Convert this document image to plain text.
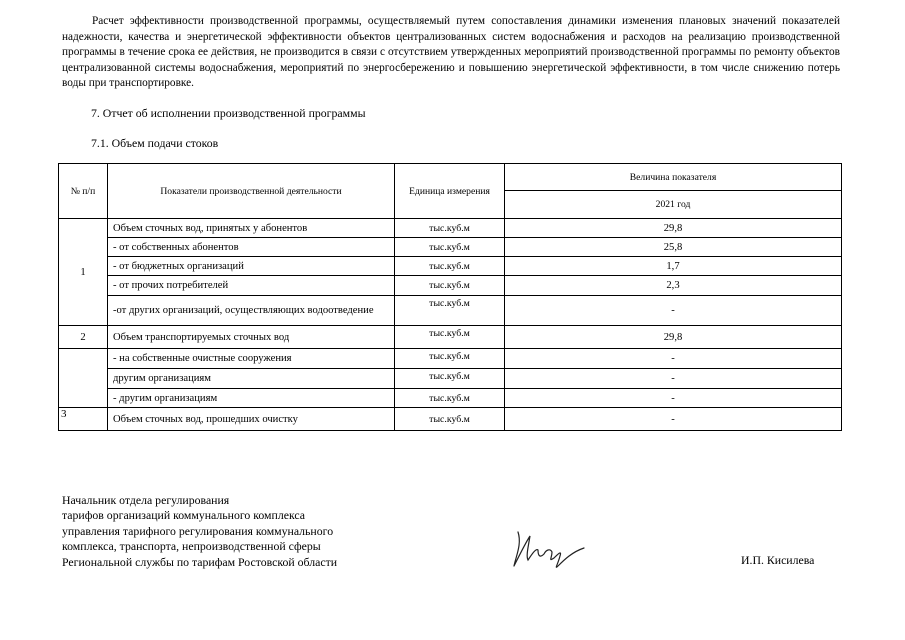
Расчет эффективности производственной программы, осуществляемый путем сопоставления динамики изменения плановых значений показателей надежности, качества и энергетической эффективности объектов централизованных систем водоснабжения и расходов на реализацию производственной программы в течение срока ее действия, не производится в связи с отсутствием утвержденных мероприятий производственной программы по ремонту объектов централизованной системы водоснабжения, мероприятий по энергосбережению и повышению энергетической эффективности, в том числе снижению потерь воды при транспортировке.

7. Отчет об исполнении производственной программы

7.1. Объем подачи стоков

№ п/п	Показатели производственной деятельности	Единица измерения	Величина показателя
			2021 год
1	Объем сточных вод, принятых у абонентов	тыс.куб.м	29,8
	- от собственных абонентов	тыс.куб.м	25,8
	- от бюджетных организаций	тыс.куб.м	1,7
	- от прочих потребителей	тыс.куб.м	2,3
	-от других организаций, осуществляющих водоотведение	тыс.куб.м	-
2	Объем транспортируемых сточных вод	тыс.куб.м	29,8
	- на собственные очистные сооружения	тыс.куб.м	-
	другим организациям	тыс.куб.м	-
	- другим организациям	тыс.куб.м	-
3	Объем сточных вод, прошедших очистку	тыс.куб.м	-
Начальник отдела регулирования
тарифов организаций коммунального комплекса
управления тарифного регулирования коммунального
комплекса, транспорта, непроизводственной сферы
Региональной службы по тарифам Ростовской области	И.П. Кисилева
